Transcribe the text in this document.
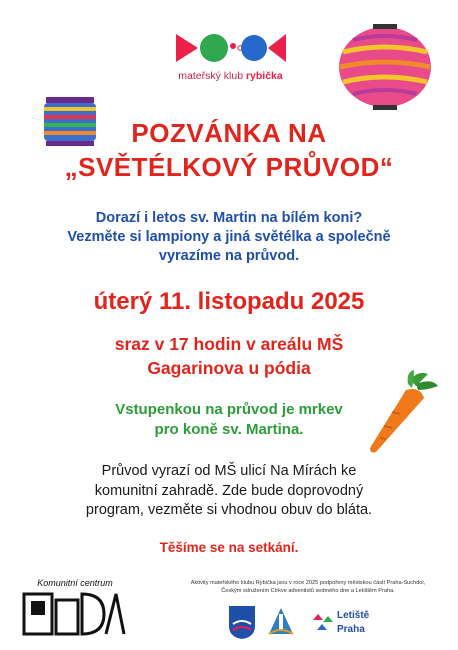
mateřský klub rybička
POZVÁNKA NA
„SVĚTÉLKOVÝ PRŮVOD“
Dorazí i letos sv. Martin na bílém koni?
Vezměte si lampiony a jiná světélka a společně
vyrazíme na průvod.
úterý 11. listopadu 2025
sraz v 17 hodin v areálu MŠ
Gagarinova u pódia
Vstupenkou na průvod je mrkev
pro koně sv. Martina.
Průvod vyrazí od MŠ ulicí Na Mírách ke
komunitní zahradě. Zde bude doprovodný
program, vezměte si vhodnou obuv do bláta.
Těšíme se na setkání.
Komunitní centrum	Aktivity mateřského klubu Rybička jsou v roce 2025 podpořeny městskou částí Praha-Suchdol,
Českým sdružením Církve adventistů sedmého dne a Letištěm Praha.
Letiště
Praha
